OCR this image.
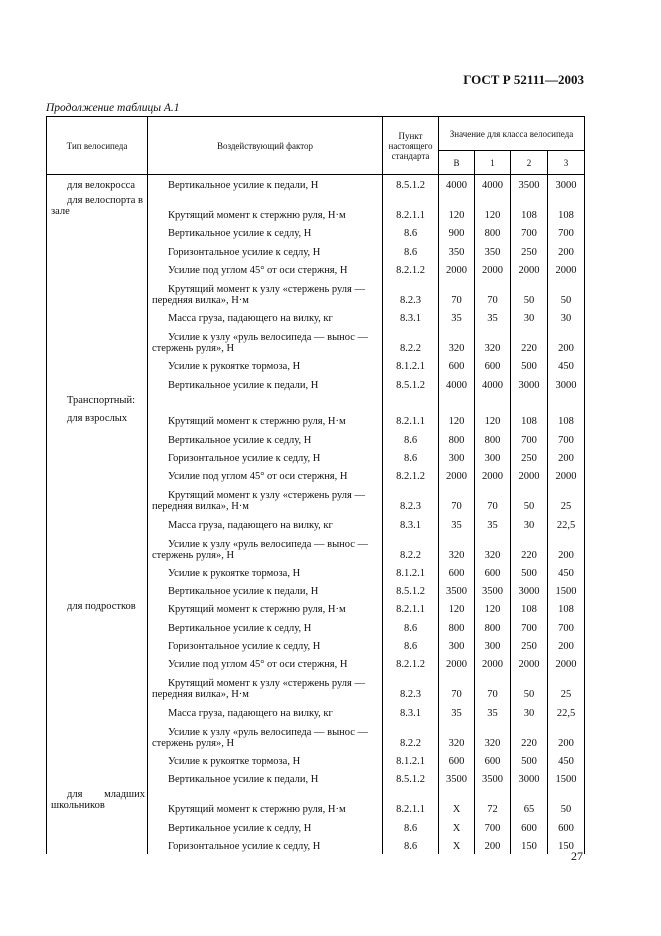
ГОСТ Р 52111—2003
Продолжение таблицы А.1
Тип велосипеда	Воздействующий фактор	Пункт настоящего стандарта	Значение для класса велосипеда			
			В	1	2	3
для велокросса	Вертикальное усилие к педали, Н	8.5.1.2	4000	4000	3500	3000
для велоспорта в зале	Крутящий момент к стержню руля, Н·м	8.2.1.1	120	120	108	108

	Вертикальное усилие к седлу, Н	8.6	900	800	700	700

	Горизонтальное усилие к седлу, Н	8.6	350	350	250	200

	Усилие под углом 45° от оси стержня, Н	8.2.1.2	2000	2000	2000	2000

	Крутящий момент к узлу «стержень руля — передняя вилка», Н·м	8.2.3	70	70	50	50

	Масса груза, падающего на вилку, кг	8.3.1	35	35	30	30

	Усилие к узлу «руль велосипеда — вынос — стержень руля», Н	8.2.2	320	320	220	200

	Усилие к рукоятке тормоза, Н	8.1.2.1	600	600	500	450

	Вертикальное усилие к педали, Н	8.5.1.2	4000	4000	3000	3000
Транспортный:	

для взрослых	Крутящий момент к стержню руля, Н·м	8.2.1.1	120	120	108	108

	Вертикальное усилие к седлу, Н	8.6	800	800	700	700

	Горизонтальное усилие к седлу, Н	8.6	300	300	250	200

	Усилие под углом 45° от оси стержня, Н	8.2.1.2	2000	2000	2000	2000

	Крутящий момент к узлу «стержень руля — передняя вилка», Н·м	8.2.3	70	70	50	25

	Масса груза, падающего на вилку, кг	8.3.1	35	35	30	22,5

	Усилие к узлу «руль велосипеда — вынос — стержень руля», Н	8.2.2	320	320	220	200

	Усилие к рукоятке тормоза, Н	8.1.2.1	600	600	500	450

	Вертикальное усилие к педали, Н	8.5.1.2	3500	3500	3000	1500
для подростков	Крутящий момент к стержню руля, Н·м	8.2.1.1	120	120	108	108

	Вертикальное усилие к седлу, Н	8.6	800	800	700	700

	Горизонтальное усилие к седлу, Н	8.6	300	300	250	200

	Усилие под углом 45° от оси стержня, Н	8.2.1.2	2000	2000	2000	2000

	Крутящий момент к узлу «стержень руля — передняя вилка», Н·м	8.2.3	70	70	50	25

	Масса груза, падающего на вилку, кг	8.3.1	35	35	30	22,5

	Усилие к узлу «руль велосипеда — вынос — стержень руля», Н	8.2.2	320	320	220	200

	Усилие к рукоятке тормоза, Н	8.1.2.1	600	600	500	450

	Вертикальное усилие к педали, Н	8.5.1.2	3500	3500	3000	1500

для младших
школьников	Крутящий момент к стержню руля, Н·м	8.2.1.1	Х	72	65	50

	Вертикальное усилие к седлу, Н	8.6	Х	700	600	600

	Горизонтальное усилие к седлу, Н	8.6	Х	200	150	150
27
